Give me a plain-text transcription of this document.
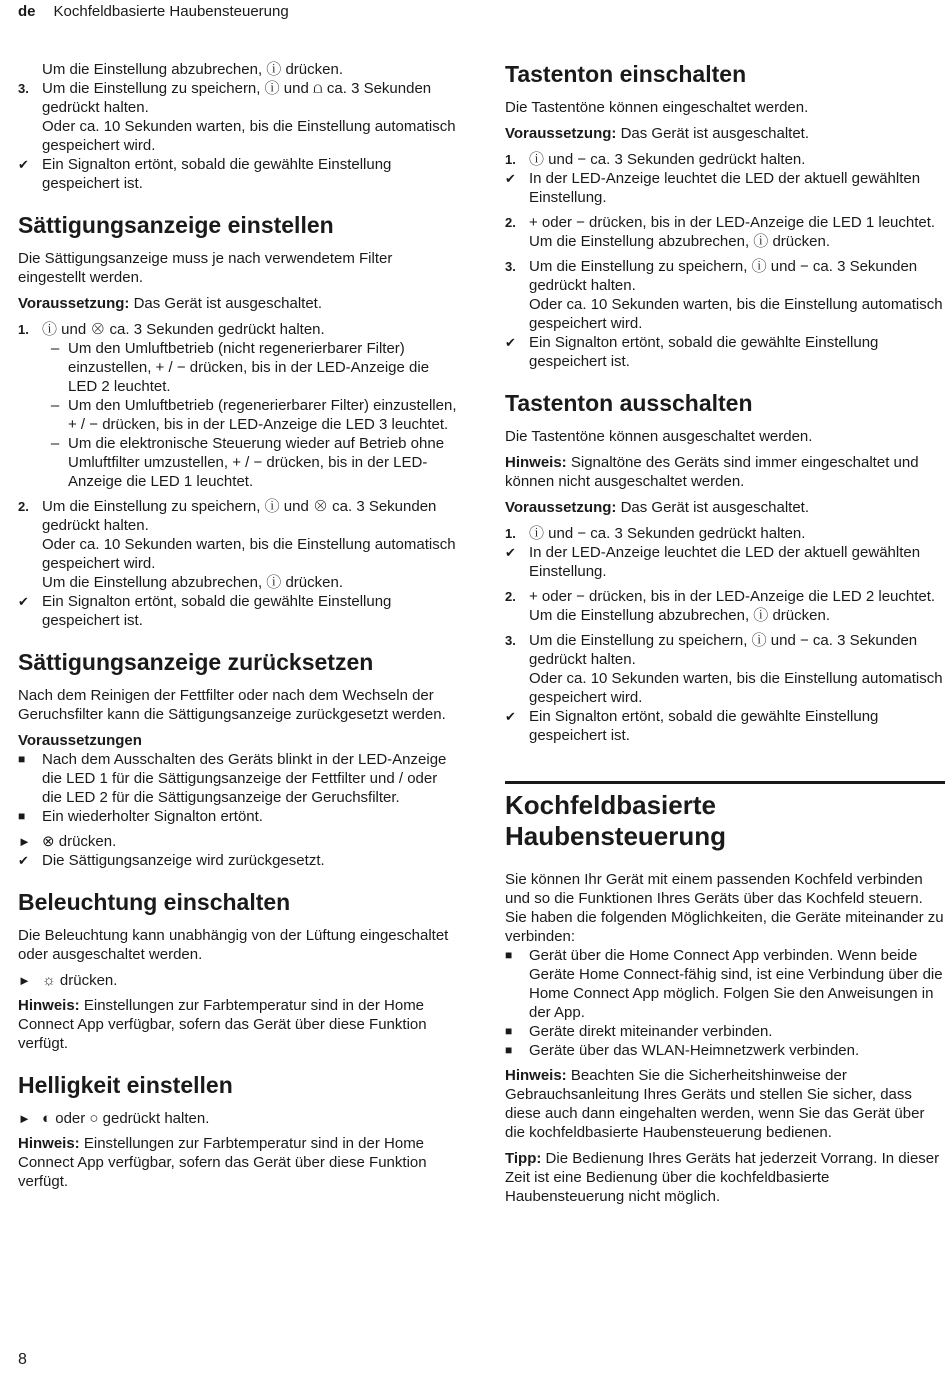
de Kochfeldbasierte Haubensteuerung
Um die Einstellung abzubrechen, ⓘ drücken.
3. Um die Einstellung zu speichern, ⓘ und ⩍ ca. 3 Sekunden gedrückt halten.
Oder ca. 10 Sekunden warten, bis die Einstellung automatisch gespeichert wird.
✔ Ein Signalton ertönt, sobald die gewählte Einstellung gespeichert ist.
Sättigungsanzeige einstellen

Die Sättigungsanzeige muss je nach verwendetem Filter eingestellt werden.

Voraussetzung: Das Gerät ist ausgeschaltet.

1. ⓘ und ⊗ ca. 3 Sekunden gedrückt halten.
– Um den Umluftbetrieb (nicht regenerierbarer Filter) einzustellen, + / − drücken, bis in der LED-Anzeige die LED 2 leuchtet.
– Um den Umluftbetrieb (regenerierbarer Filter) einzustellen, + / − drücken, bis in der LED-Anzeige die LED 3 leuchtet.
– Um die elektronische Steuerung wieder auf Betrieb ohne Umluftfilter umzustellen, + / − drücken, bis in der LED-Anzeige die LED 1 leuchtet.
2. Um die Einstellung zu speichern, ⓘ und ⊗ ca. 3 Sekunden gedrückt halten.
Oder ca. 10 Sekunden warten, bis die Einstellung automatisch gespeichert wird.
Um die Einstellung abzubrechen, ⓘ drücken.
✔ Ein Signalton ertönt, sobald die gewählte Einstellung gespeichert ist.
Sättigungsanzeige zurücksetzen

Nach dem Reinigen der Fettfilter oder nach dem Wechseln der Geruchsfilter kann die Sättigungsanzeige zurückgesetzt werden.

Voraussetzungen
■	Nach dem Ausschalten des Geräts blinkt in der LED-Anzeige die LED 1 für die Sättigungsanzeige der Fettfilter und / oder die LED 2 für die Sättigungsanzeige der Geruchsfilter.
■	Ein wiederholter Signalton ertönt.
► ⊗ drücken.
✔ Die Sättigungsanzeige wird zurückgesetzt.
Beleuchtung einschalten

Die Beleuchtung kann unabhängig von der Lüftung eingeschaltet oder ausgeschaltet werden.

► ☼ drücken.

Hinweis: Einstellungen zur Farbtemperatur sind in der Home Connect App verfügbar, sofern das Gerät über diese Funktion verfügt.

Helligkeit einstellen
► ◐ oder ○ gedrückt halten.

Hinweis: Einstellungen zur Farbtemperatur sind in der Home Connect App verfügbar, sofern das Gerät über diese Funktion verfügt.

Tastenton einschalten

Die Tastentöne können eingeschaltet werden.

Voraussetzung: Das Gerät ist ausgeschaltet.

1. ⓘ und − ca. 3 Sekunden gedrückt halten.
✔ In der LED-Anzeige leuchtet die LED der aktuell gewählten Einstellung.
2. + oder − drücken, bis in der LED-Anzeige die LED 1 leuchtet.
Um die Einstellung abzubrechen, ⓘ drücken.
3. Um die Einstellung zu speichern, ⓘ und − ca. 3 Sekunden gedrückt halten.
Oder ca. 10 Sekunden warten, bis die Einstellung automatisch gespeichert wird.
✔ Ein Signalton ertönt, sobald die gewählte Einstellung gespeichert ist.
Tastenton ausschalten

Die Tastentöne können ausgeschaltet werden.

Hinweis: Signaltöne des Geräts sind immer eingeschaltet und können nicht ausgeschaltet werden.

Voraussetzung: Das Gerät ist ausgeschaltet.

1. ⓘ und − ca. 3 Sekunden gedrückt halten.
✔ In der LED-Anzeige leuchtet die LED der aktuell gewählten Einstellung.
2. + oder − drücken, bis in der LED-Anzeige die LED 2 leuchtet.
Um die Einstellung abzubrechen, ⓘ drücken.
3. Um die Einstellung zu speichern, ⓘ und − ca. 3 Sekunden gedrückt halten.
Oder ca. 10 Sekunden warten, bis die Einstellung automatisch gespeichert wird.
✔ Ein Signalton ertönt, sobald die gewählte Einstellung gespeichert ist.
Kochfeldbasierte
Haubensteuerung
Sie können Ihr Gerät mit einem passenden Kochfeld verbinden und so die Funktionen Ihres Geräts über das Kochfeld steuern.
Sie haben die folgenden Möglichkeiten, die Geräte miteinander zu verbinden:
■	Gerät über die Home Connect App verbinden. Wenn beide Geräte Home Connect-fähig sind, ist eine Verbindung über die Home Connect App möglich. Folgen Sie den Anweisungen in der App.
■	Geräte direkt miteinander verbinden.
■	Geräte über das WLAN-Heimnetzwerk verbinden.

Hinweis: Beachten Sie die Sicherheitshinweise der Gebrauchsanleitung Ihres Geräts und stellen Sie sicher, dass diese auch dann eingehalten werden, wenn Sie das Gerät über die kochfeldbasierte Haubensteuerung bedienen.

Tipp: Die Bedienung Ihres Geräts hat jederzeit Vorrang. In dieser Zeit ist eine Bedienung über die kochfeldbasierte Haubensteuerung nicht möglich.

8
